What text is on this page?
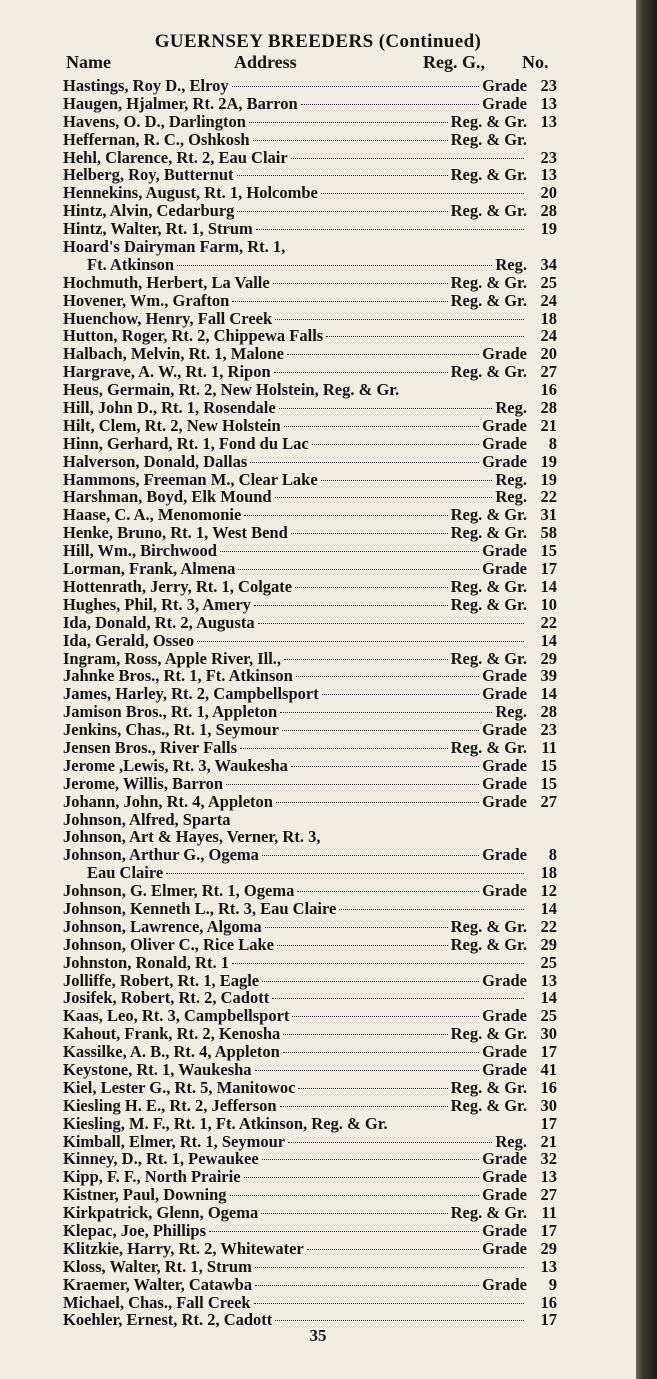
GUERNSEY BREEDERS (Continued)
Name	Address	Reg. G., No.
Hastings, Roy D., Elroy	Grade 23
Haugen, Hjalmer, Rt. 2A, Barron	Grade 13
Havens, O. D., Darlington	Reg. & Gr. 13
Heffernan, R. C., Oshkosh	Reg. & Gr.
Hehl, Clarence, Rt. 2, Eau Clair	23
Helberg, Roy, Butternut	Reg. & Gr. 13
Hennekins, August, Rt. 1, Holcombe	20
Hintz, Alvin, Cedarburg	Reg. & Gr. 28
Hintz, Walter, Rt. 1, Strum	19
Hoard's Dairyman Farm, Rt. 1,
Ft. Atkinson	Reg. 34
Hochmuth, Herbert, La Valle	Reg. & Gr. 25
Hovener, Wm., Grafton	Reg. & Gr. 24
Huenchow, Henry, Fall Creek	18
Hutton, Roger, Rt. 2, Chippewa Falls	24
Halbach, Melvin, Rt. 1, Malone	Grade 20
Hargrave, A. W., Rt. 1, Ripon	Reg. & Gr. 27
Heus, Germain, Rt. 2, New Holstein, Reg. & Gr.	16
Hill, John D., Rt. 1, Rosendale	Reg. 28
Hilt, Clem, Rt. 2, New Holstein	Grade 21
Hinn, Gerhard, Rt. 1, Fond du Lac	Grade	8
Halverson, Donald, Dallas	Grade 19
Hammons, Freeman M., Clear Lake	Reg. 19
Harshman, Boyd, Elk Mound	Reg. 22
Haase, C. A., Menomonie	Reg. & Gr. 31
Henke, Bruno, Rt. 1, West Bend	Reg. & Gr. 58
Hill, Wm., Birchwood	Grade 15
Lorman, Frank, Almena	Grade 17
Hottenrath, Jerry, Rt. 1, Colgate	Reg. & Gr. 14
Hughes, Phil, Rt. 3, Amery	Reg. & Gr. 10
Ida, Donald, Rt. 2, Augusta	22
Ida, Gerald, Osseo	14
Ingram, Ross, Apple River, Ill.,	Reg. & Gr. 29
Jahnke Bros., Rt. 1, Ft. Atkinson	Grade 39
James, Harley, Rt. 2, Campbellsport	Grade 14
Jamison Bros., Rt. 1, Appleton	Reg. 28
Jenkins, Chas., Rt. 1, Seymour	Grade 23
Jensen Bros., River Falls	Reg. & Gr. 11
Jerome ,Lewis, Rt. 3, Waukesha	Grade 15
Jerome, Willis, Barron	Grade 15
Johann, John, Rt. 4, Appleton	Grade 27
Johnson, Alfred, Sparta
Johnson, Art & Hayes, Verner, Rt. 3,
Johnson, Arthur G., Ogema	Grade	8
Eau Claire	18
Johnson, G. Elmer, Rt. 1, Ogema	Grade 12
Johnson, Kenneth L., Rt. 3, Eau Claire	14
Johnson, Lawrence, Algoma	Reg. & Gr. 22
Johnson, Oliver C., Rice Lake	Reg. & Gr. 29
Johnston, Ronald, Rt. 1	25
Jolliffe, Robert, Rt. 1, Eagle	Grade 13
Josifek, Robert, Rt. 2, Cadott	14
Kaas, Leo, Rt. 3, Campbellsport	Grade 25
Kahout, Frank, Rt. 2, Kenosha	Reg. & Gr. 30
Kassilke, A. B., Rt. 4, Appleton	Grade 17
Keystone, Rt. 1, Waukesha	Grade 41
Kiel, Lester G., Rt. 5, Manitowoc	Reg. & Gr. 16
Kiesling H. E., Rt. 2, Jefferson	Reg. & Gr. 30
Kiesling, M. F., Rt. 1, Ft. Atkinson, Reg. & Gr.	17
Kimball, Elmer, Rt. 1, Seymour	Reg. 21
Kinney, D., Rt. 1, Pewaukee	Grade 32
Kipp, F. F., North Prairie	Grade 13
Kistner, Paul, Downing	Grade 27
Kirkpatrick, Glenn, Ogema	Reg. & Gr. 11
Klepac, Joe, Phillips	Grade 17
Klitzkie, Harry, Rt. 2, Whitewater	Grade 29
Kloss, Walter, Rt. 1, Strum	13
Kraemer, Walter, Catawba	Grade	9
Michael, Chas., Fall Creek	16
Koehler, Ernest, Rt. 2, Cadott	17
35
